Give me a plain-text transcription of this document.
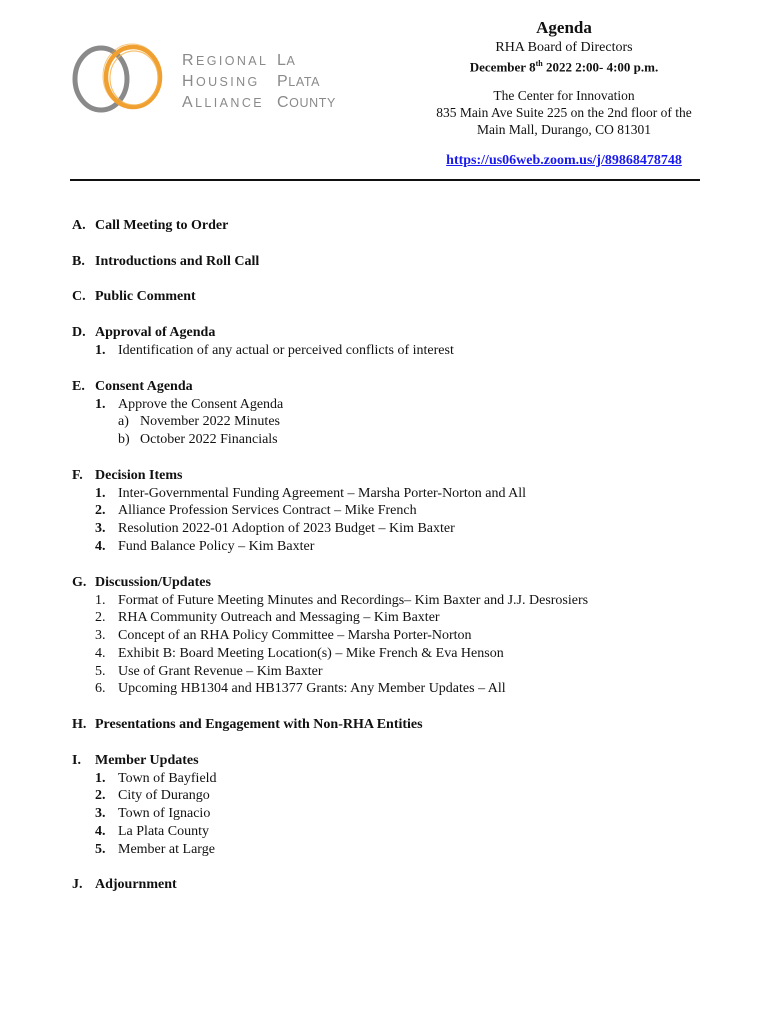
REGIONAL LA
HOUSING	PLATA
ALLIANCE COUNTY
Agenda
RHA Board of Directors
December 8th 2022 2:00- 4:00 p.m.
The Center for Innovation
835 Main Ave Suite 225 on the 2nd floor of the
Main Mall, Durango, CO 81301
https://us06web.zoom.us/j/89868478748
A. Call Meeting to Order
B. Introductions and Roll Call
C. Public Comment
D. Approval of Agenda
1. Identification of any actual or perceived conflicts of interest
E. Consent Agenda
1. Approve the Consent Agenda
a) November 2022 Minutes
b) October 2022 Financials
F. Decision Items
1. Inter-Governmental Funding Agreement – Marsha Porter-Norton and All
2. Alliance Profession Services Contract – Mike French
3. Resolution 2022-01 Adoption of 2023 Budget – Kim Baxter
4. Fund Balance Policy – Kim Baxter
G. Discussion/Updates
1. Format of Future Meeting Minutes and Recordings– Kim Baxter and J.J. Desrosiers
2. RHA Community Outreach and Messaging – Kim Baxter
3. Concept of an RHA Policy Committee – Marsha Porter-Norton
4. Exhibit B: Board Meeting Location(s) – Mike French & Eva Henson
5. Use of Grant Revenue – Kim Baxter
6. Upcoming HB1304 and HB1377 Grants: Any Member Updates – All
H. Presentations and Engagement with Non-RHA Entities
I.	Member Updates
1. Town of Bayfield
2. City of Durango
3. Town of Ignacio
4. La Plata County
5. Member at Large
J. Adjournment
